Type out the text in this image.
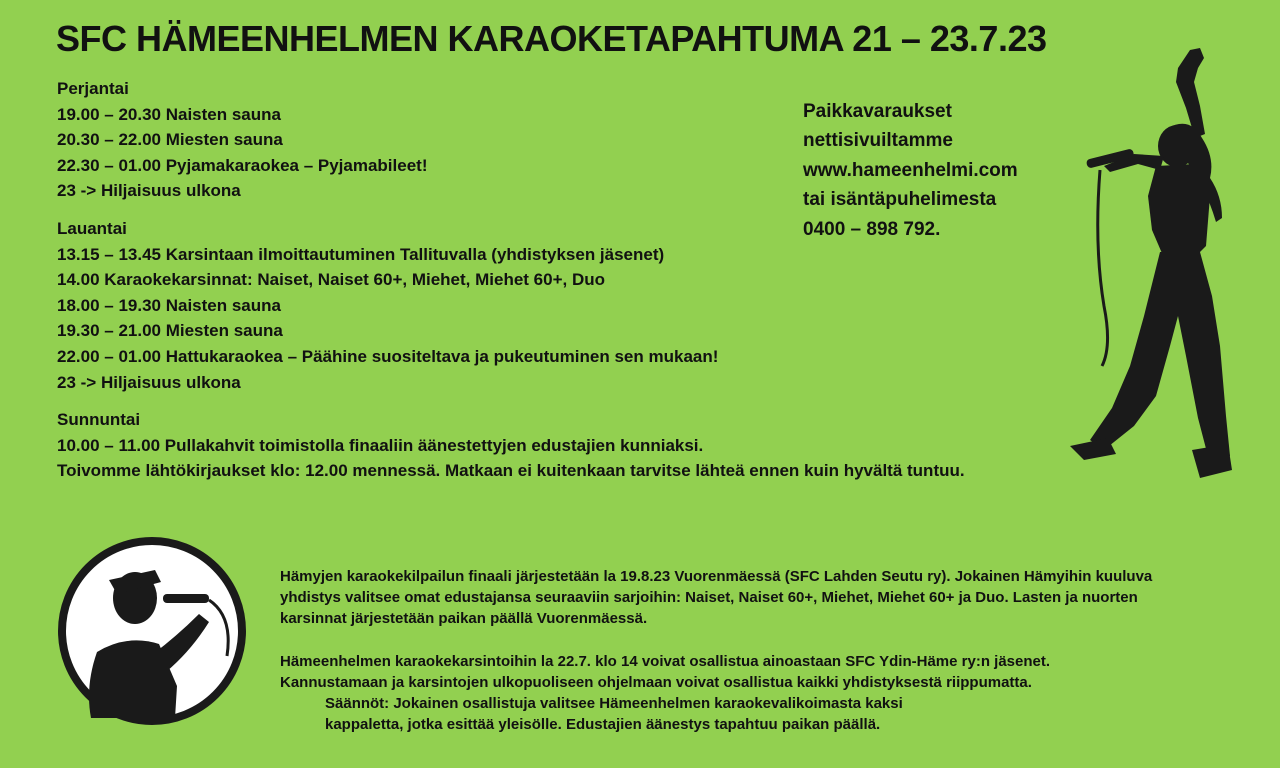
SFC HÄMEENHELMEN KARAOKETAPAHTUMA 21 – 23.7.23
Perjantai
19.00 – 20.30 Naisten sauna
20.30 – 22.00 Miesten sauna
22.30 – 01.00 Pyjamakaraokea – Pyjamabileet!
23 -> Hiljaisuus ulkona
Lauantai
13.15 – 13.45 Karsintaan ilmoittautuminen Tallituvalla (yhdistyksen jäsenet)
14.00 Karaokekarsinnat: Naiset, Naiset 60+, Miehet, Miehet 60+, Duo
18.00 – 19.30 Naisten sauna
19.30 – 21.00 Miesten sauna
22.00 – 01.00 Hattukaraokea – Päähine suositeltava ja pukeutuminen sen mukaan!
23 -> Hiljaisuus ulkona
Sunnuntai
10.00 – 11.00 Pullakahvit toimistolla finaaliin äänestettyjen edustajien kunniaksi.
Toivomme lähtökirjaukset klo: 12.00 mennessä. Matkaan ei kuitenkaan tarvitse lähteä ennen kuin hyvältä tuntuu.
Paikkavaraukset
nettisivuiltamme
www.hameenhelmi.com
tai isäntäpuhelimesta
0400 – 898 792.
Hämyjen karaokekilpailun finaali järjestetään la 19.8.23 Vuorenmäessä (SFC Lahden Seutu ry). Jokainen Hämyihin kuuluva
yhdistys valitsee omat edustajansa seuraaviin sarjoihin: Naiset, Naiset 60+, Miehet, Miehet 60+ ja Duo. Lasten ja nuorten
karsinnat järjestetään paikan päällä Vuorenmäessä.
Hämeenhelmen karaokekarsintoihin la 22.7. klo 14 voivat osallistua ainoastaan SFC Ydin-Häme ry:n jäsenet.
Kannustamaan ja karsintojen ulkopuoliseen ohjelmaan voivat osallistua kaikki yhdistyksestä riippumatta.
Säännöt: Jokainen osallistuja valitsee Hämeenhelmen karaokevalikoimasta kaksi
kappaletta, jotka esittää yleisölle. Edustajien äänestys tapahtuu paikan päällä.
